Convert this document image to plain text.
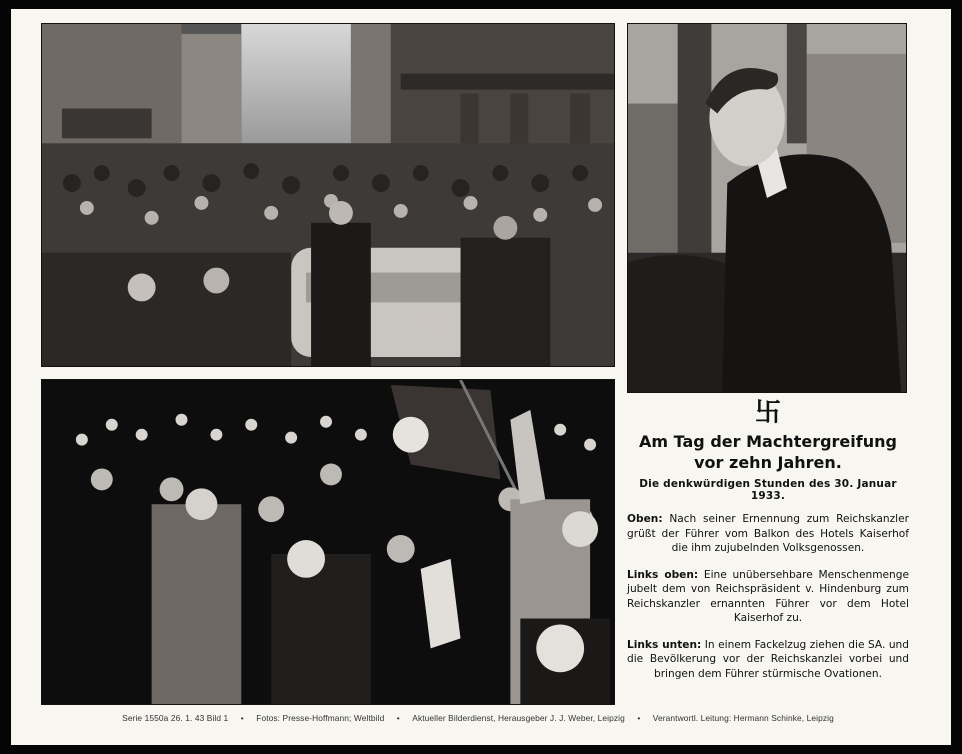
卐
Am Tag der Machtergreifung
vor zehn Jahren.
Die denkwürdigen Stunden des 30. Januar 1933.

Oben: Nach seiner Ernennung zum Reichskanzler grüßt der Führer vom Balkon des Hotels Kaiserhof die ihm zujubelnden Volksgenossen.

Links oben: Eine unübersehbare Menschenmenge jubelt dem von Reichspräsident v. Hindenburg zum Reichskanzler ernannten Führer vor dem Hotel Kaiserhof zu.

Links unten: In einem Fackelzug ziehen die SA. und die Bevölkerung vor der Reichskanzlei vorbei und bringen dem Führer stürmische Ovationen.

Serie 1550a 26. 1. 43 Bild 1 • Fotos: Presse-Hoffmann; Weltbild • Aktueller Bilderdienst, Herausgeber J. J. Weber, Leipzig • Verantwortl. Leitung: Hermann Schinke, Leipzig
